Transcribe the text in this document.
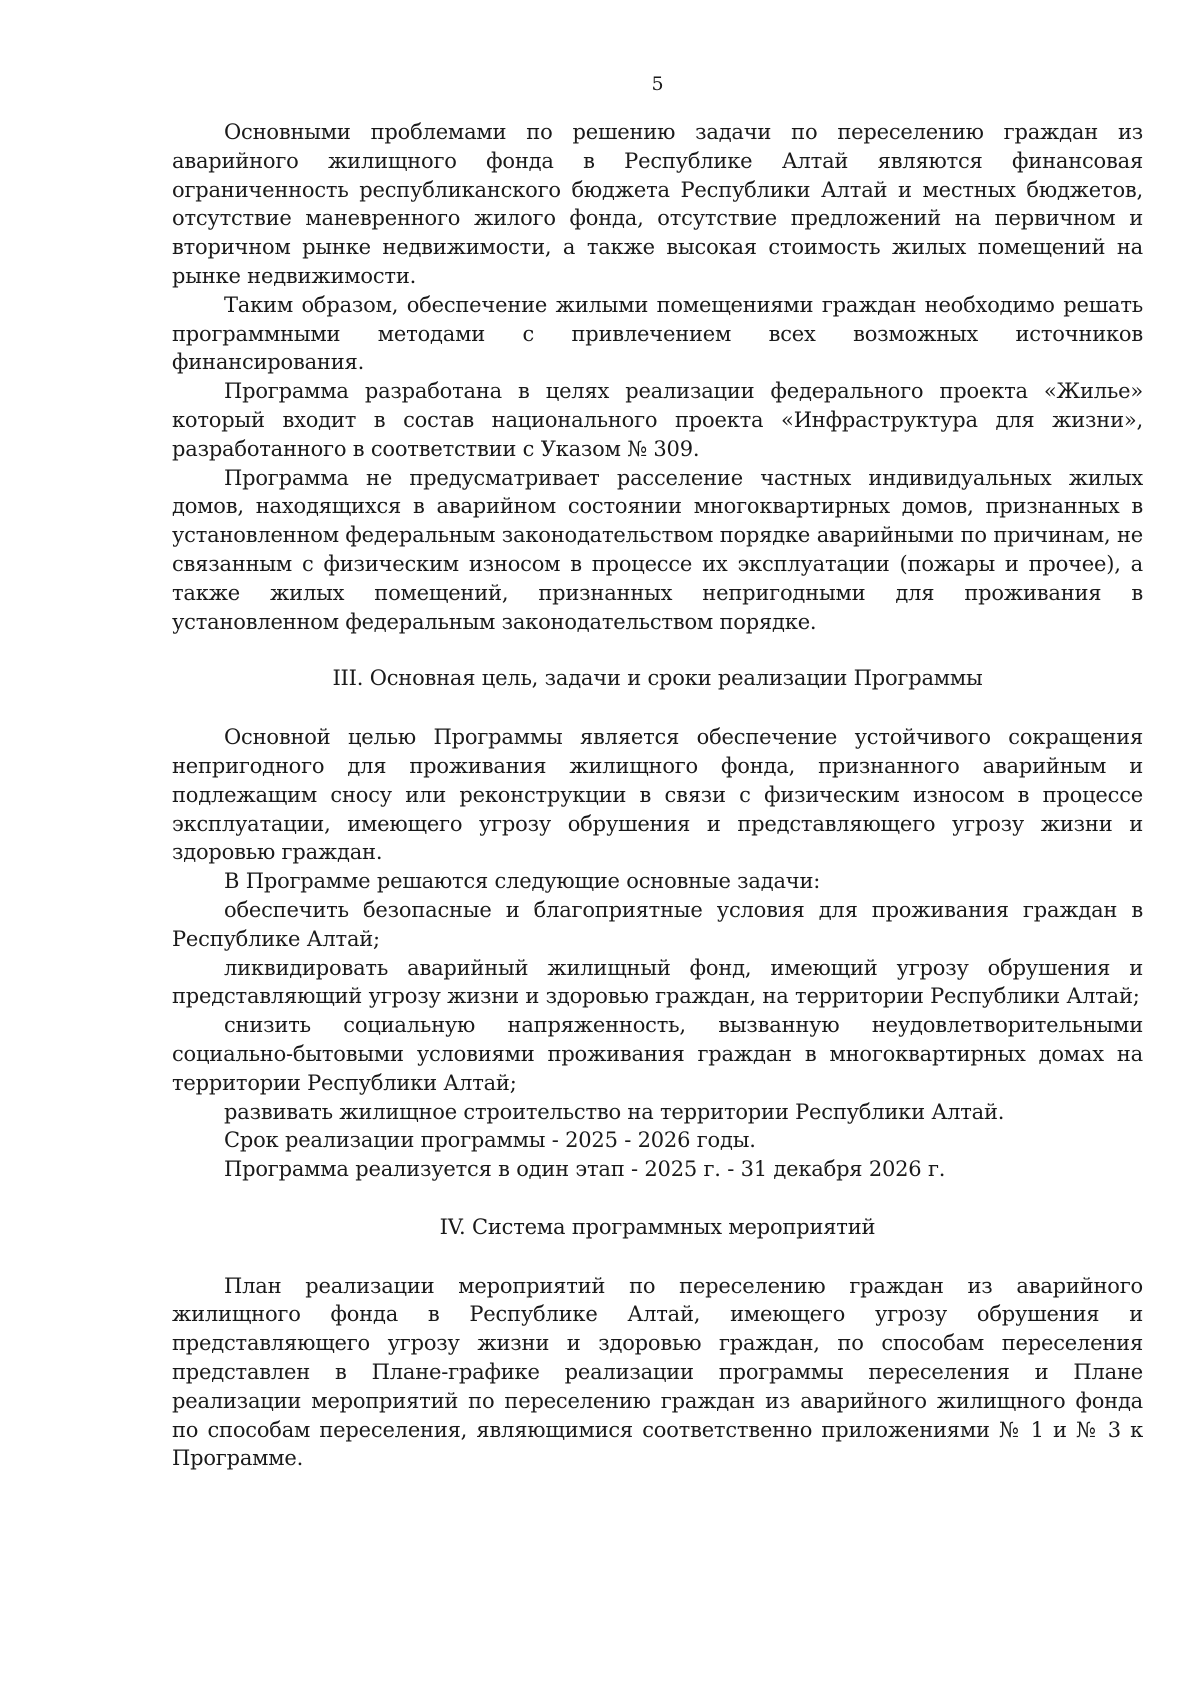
5

Основными проблемами по решению задачи по переселению граждан из аварийного жилищного фонда в Республике Алтай являются финансовая ограниченность республиканского бюджета Республики Алтай и местных бюджетов, отсутствие маневренного жилого фонда, отсутствие предложений на первичном и вторичном рынке недвижимости, а также высокая стоимость жилых помещений на рынке недвижимости.

Таким образом, обеспечение жилыми помещениями граждан необходимо решать программными методами с привлечением всех возможных источников финансирования.

Программа разработана в целях реализации федерального проекта «Жилье» который входит в состав национального проекта «Инфраструктура для жизни», разработанного в соответствии с Указом № 309.

Программа не предусматривает расселение частных индивидуальных жилых домов, находящихся в аварийном состоянии многоквартирных домов, признанных в установленном федеральным законодательством порядке аварийными по причинам, не связанным с физическим износом в процессе их эксплуатации (пожары и прочее), а также жилых помещений, признанных непригодными для проживания в установленном федеральным законодательством порядке.

III. Основная цель, задачи и сроки реализации Программы

Основной целью Программы является обеспечение устойчивого сокращения непригодного для проживания жилищного фонда, признанного аварийным и подлежащим сносу или реконструкции в связи с физическим износом в процессе эксплуатации, имеющего угрозу обрушения и представляющего угрозу жизни и здоровью граждан.

В Программе решаются следующие основные задачи:

обеспечить безопасные и благоприятные условия для проживания граждан в Республике Алтай;

ликвидировать аварийный жилищный фонд, имеющий угрозу обрушения и представляющий угрозу жизни и здоровью граждан, на территории Республики Алтай;

снизить социальную напряженность, вызванную неудовлетворительными социально-бытовыми условиями проживания граждан в многоквартирных домах на территории Республики Алтай;

развивать жилищное строительство на территории Республики Алтай.

Срок реализации программы - 2025 - 2026 годы.

Программа реализуется в один этап - 2025 г. - 31 декабря 2026 г.

IV. Система программных мероприятий

План реализации мероприятий по переселению граждан из аварийного жилищного фонда в Республике Алтай, имеющего угрозу обрушения и представляющего угрозу жизни и здоровью граждан, по способам переселения представлен в Плане-графике реализации программы переселения и Плане реализации мероприятий по переселению граждан из аварийного жилищного фонда по способам переселения, являющимися соответственно приложениями № 1 и № 3 к Программе.
